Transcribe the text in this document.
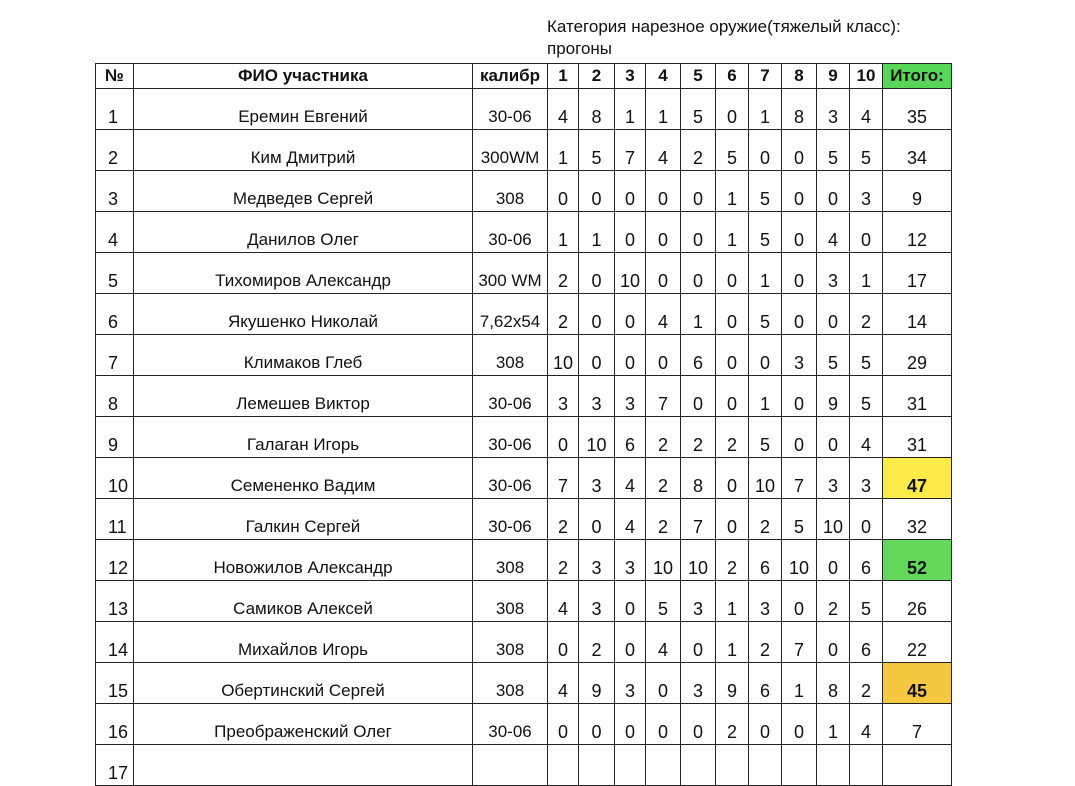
Категория нарезное оружие(тяжелый класс): прогоны
№	ФИО участника	калибр	1	2	3	4	5	6	7	8	9	10	Итого:
1	Еремин Евгений	30-06	4	8	1	1	5	0	1	8	3	4	35
2	Ким Дмитрий	300WM	1	5	7	4	2	5	0	0	5	5	34
3	Медведев Сергей	308	0	0	0	0	0	1	5	0	0	3	9
4	Данилов Олег	30-06	1	1	0	0	0	1	5	0	4	0	12
5	Тихомиров Александр	300 WM	2	0	10	0	0	0	1	0	3	1	17
6	Якушенко Николай	7,62x54	2	0	0	4	1	0	5	0	0	2	14
7	Климаков Глеб	308	10	0	0	0	6	0	0	3	5	5	29
8	Лемешев Виктор	30-06	3	3	3	7	0	0	1	0	9	5	31
9	Галаган Игорь	30-06	0	10	6	2	2	2	5	0	0	4	31
10	Семененко Вадим	30-06	7	3	4	2	8	0	10	7	3	3	47
11	Галкин Сергей	30-06	2	0	4	2	7	0	2	5	10	0	32
12	Новожилов Александр	308	2	3	3	10	10	2	6	10	0	6	52
13	Самиков Алексей	308	4	3	0	5	3	1	3	0	2	5	26
14	Михайлов Игорь	308	0	2	0	4	0	1	2	7	0	6	22
15	Обертинский Сергей	308	4	9	3	0	3	9	6	1	8	2	45
16	Преображенский Олег	30-06	0	0	0	0	0	2	0	0	1	4	7
17													
